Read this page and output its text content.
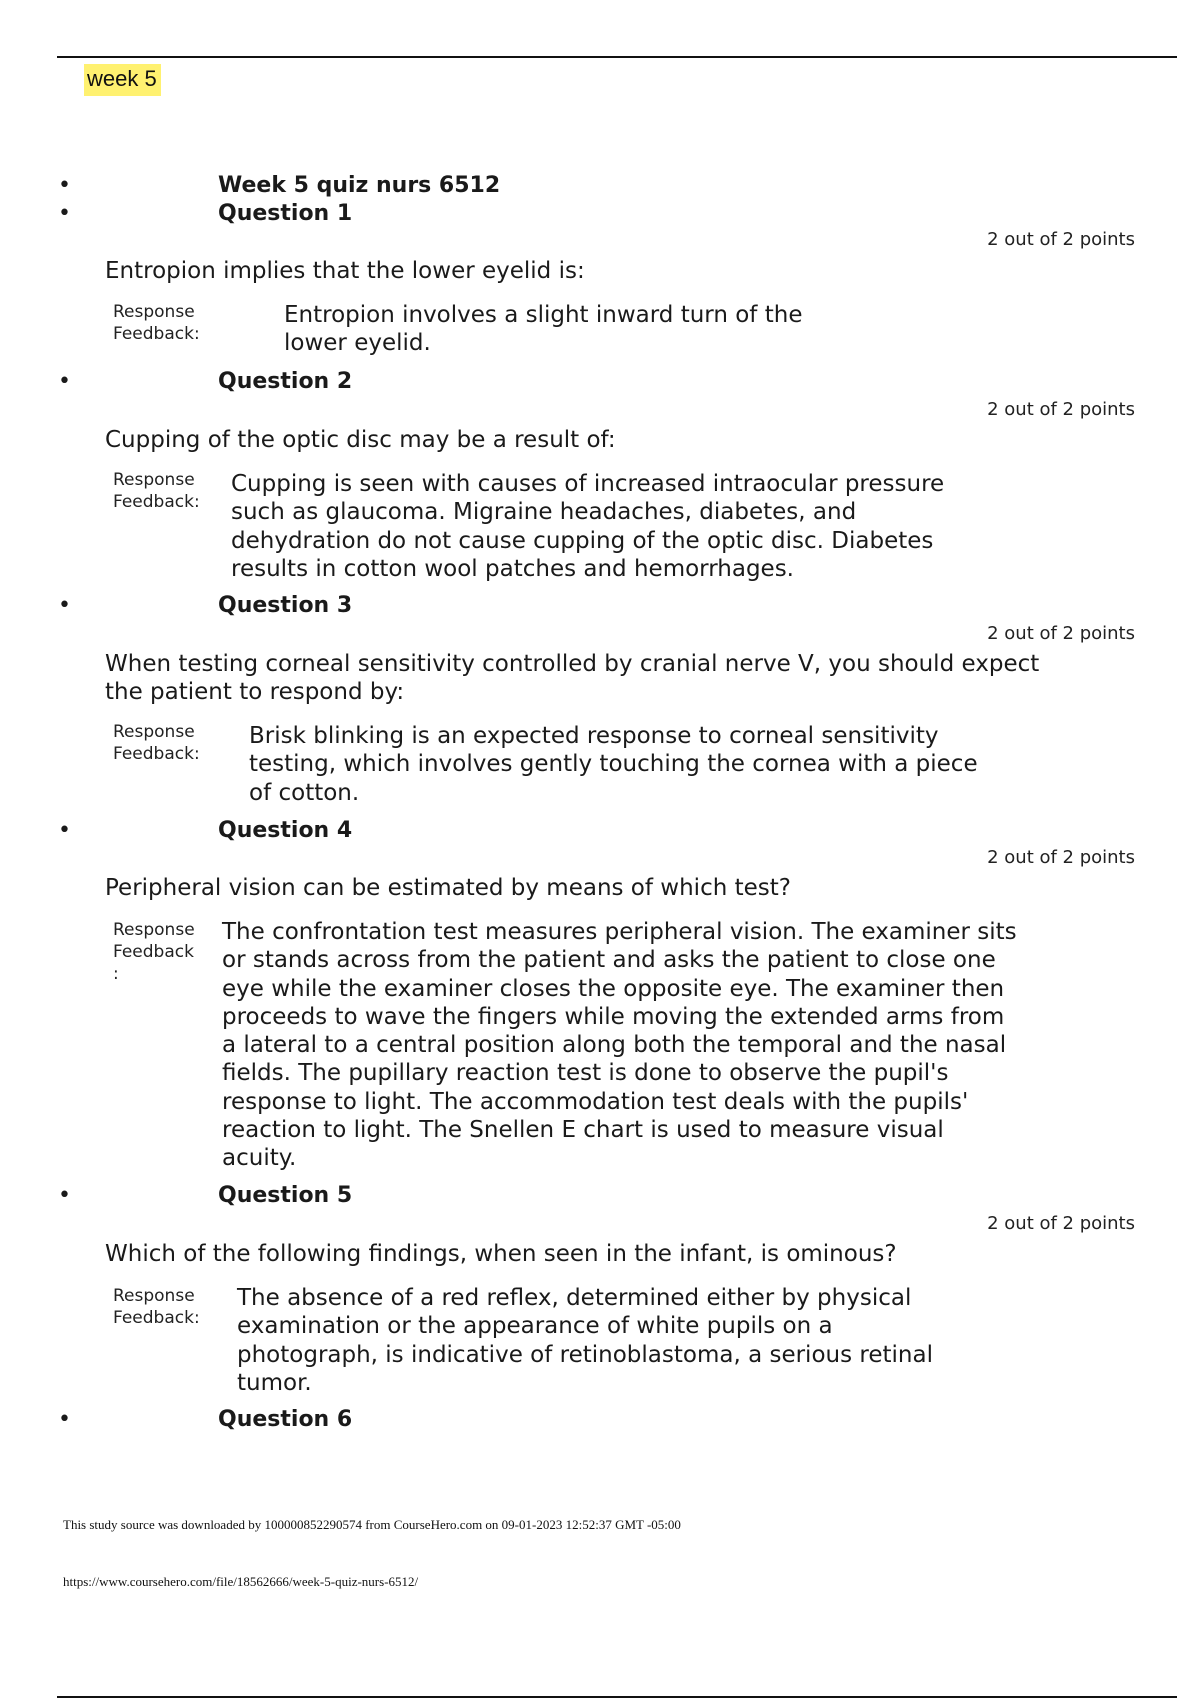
week 5
•	Week 5 quiz nurs 6512
•	Question 1
2 out of 2 points
Entropion implies that the lower eyelid is:
Response
Feedback:
Entropion involves a slight inward turn of the lower eyelid.
•	Question 2
2 out of 2 points
Cupping of the optic disc may be a result of:
Response
Feedback:
Cupping is seen with causes of increased intraocular pressure such as glaucoma. Migraine headaches, diabetes, and dehydration do not cause cupping of the optic disc. Diabetes results in cotton wool patches and hemorrhages.
•	Question 3
2 out of 2 points
When testing corneal sensitivity controlled by cranial nerve V, you should expect the patient to respond by:
Response
Feedback:
Brisk blinking is an expected response to corneal sensitivity testing, which involves gently touching the cornea with a piece of cotton.
•	Question 4
2 out of 2 points
Peripheral vision can be estimated by means of which test?
Response
Feedback
:
The confrontation test measures peripheral vision. The examiner sits or stands across from the patient and asks the patient to close one eye while the examiner closes the opposite eye. The examiner then proceeds to wave the fingers while moving the extended arms from a lateral to a central position along both the temporal and the nasal fields. The pupillary reaction test is done to observe the pupil's response to light. The accommodation test deals with the pupils' reaction to light. The Snellen E chart is used to measure visual acuity.
•	Question 5
2 out of 2 points
Which of the following findings, when seen in the infant, is ominous?
Response
Feedback:
The absence of a red reflex, determined either by physical examination or the appearance of white pupils on a photograph, is indicative of retinoblastoma, a serious retinal tumor.
•	Question 6
This study source was downloaded by 100000852290574 from CourseHero.com on 09-01-2023 12:52:37 GMT -05:00
https://www.coursehero.com/file/18562666/week-5-quiz-nurs-6512/
